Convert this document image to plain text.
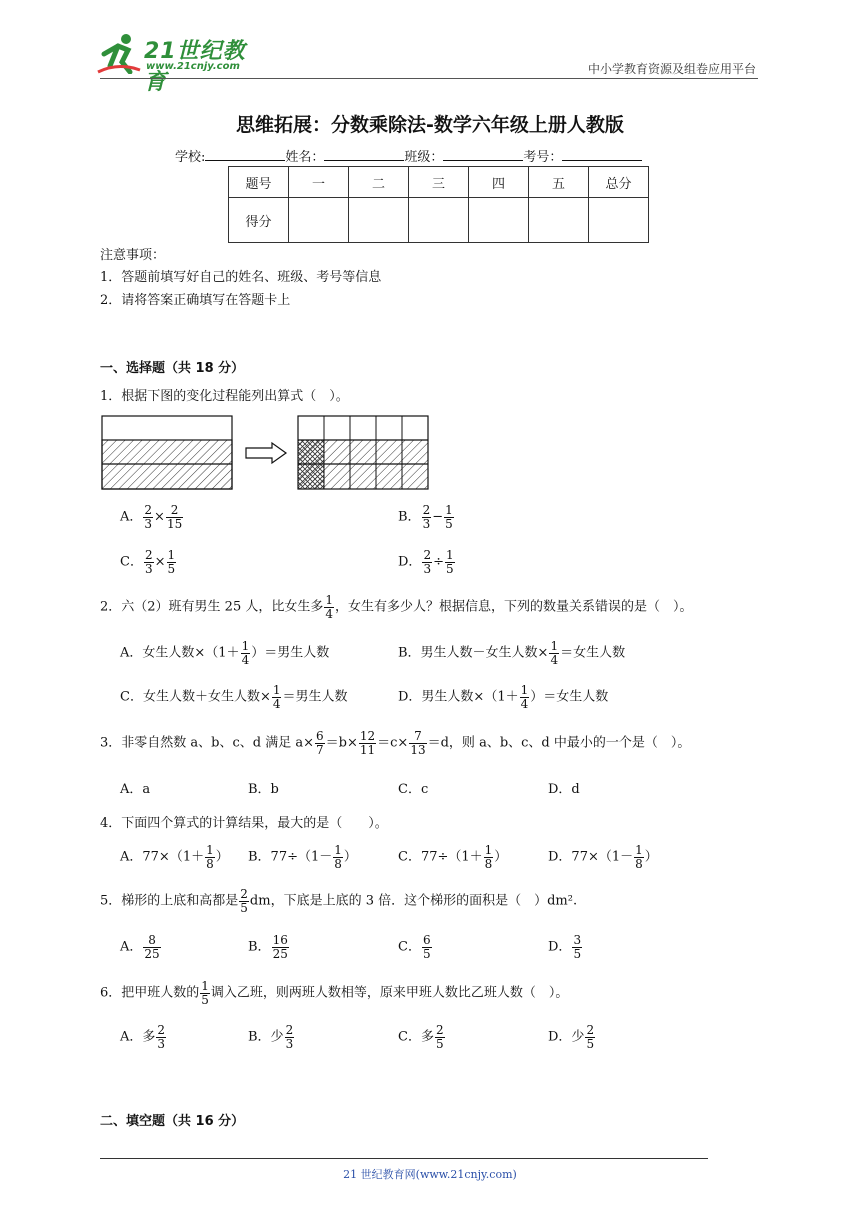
21世纪教育
www.21cnjy.com	中小学教育资源及组卷应用平台
思维拓展：分数乘除法-数学六年级上册人教版
学校:	姓名：	班级：	考号：
题号	一	二	三	四	五	总分
得分						
注意事项：
1．答题前填写好自己的姓名、班级、考号等信息
2．请将答案正确填写在答题卡上
一、选择题（共 18 分）
1．根据下图的变化过程能列出算式（　）。
A． $\frac{2}{3} \times \frac{2}{15}$	B． $\frac{2}{3} - \frac{1}{5}$
C． $\frac{2}{3} \times \frac{1}{5}$	D． $\frac{2}{3} \div \frac{1}{5}$
2．六（2）班有男生 25 人，比女生多 $\frac{1}{4}$ ，女生有多少人？根据信息，下列的数量关系错误的是（　）。
A．女生人数$\times(1+ \frac{1}{4}$ ）＝男生人数	B．男生人数－女生人数× $\frac{1}{4}$ ＝女生人数
C．女生人数＋女生人数× $\frac{1}{4}$ ＝男生人数	D．男生人数$\times(1+ \frac{1}{4}$ ）＝女生人数
3．非零自然数 a、b、c、d 满足 $a\times \frac{6}{7} =b\times \frac{12}{11} =c\times \frac{7}{13} =d$，则 a、b、c、d 中最小的一个是（　）。
A．a	B．b	C．c	D．d
4．下面四个算式的计算结果，最大的是（　　）。
A．$77\times(1+ \frac{1}{8}$ ） B．$77\div(1- \frac{1}{8}$ ）	C．$77\div(1+ \frac{1}{8}$ ）	D．$77\times(1- \frac{1}{8}$ ）
5．梯形的上底和高都是 $\frac{2}{5}$ dm，下底是上底的 3 倍．这个梯形的面积是（　）dm².
A． $\frac{8}{25}$	B． $\frac{16}{25}$	C． $\frac{6}{5}$	D． $\frac{3}{5}$
6．把甲班人数的 $\frac{1}{5}$ 调入乙班，则两班人数相等，原来甲班人数比乙班人数（　）。
A．多 $\frac{2}{3}$	B．少 $\frac{2}{3}$	C．多 $\frac{2}{5}$	D．少 $\frac{2}{5}$
二、填空题（共 16 分）
21 世纪教育网(www.21cnjy.com)
